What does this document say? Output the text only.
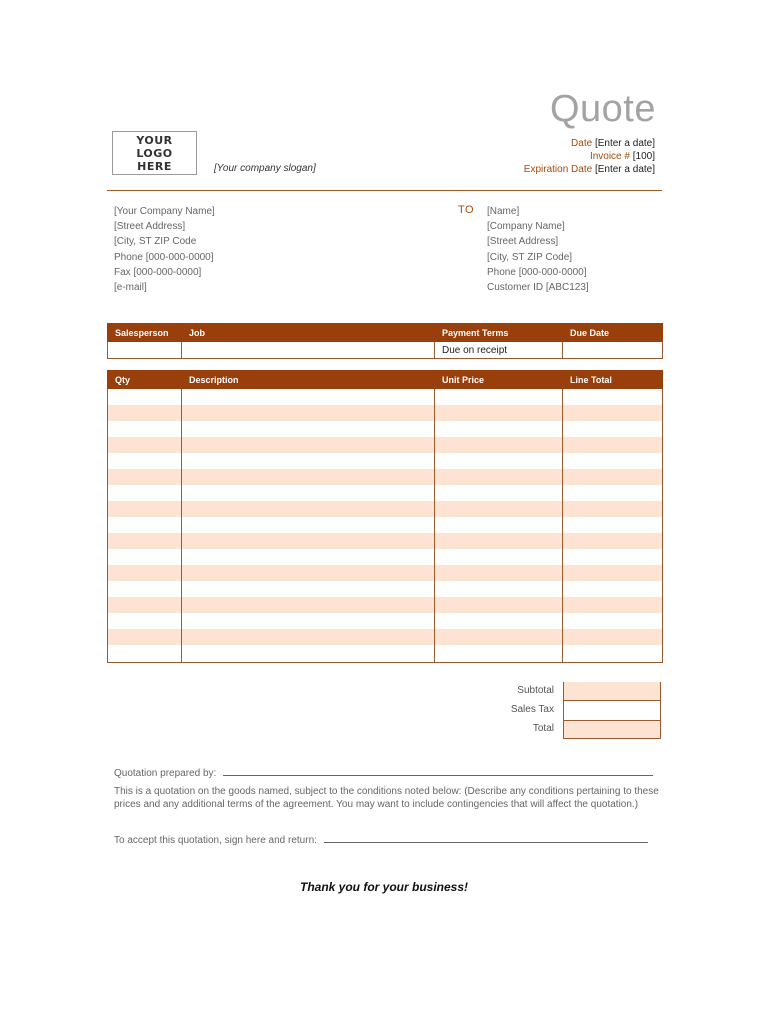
Quote
YOUR LOGO HERE	[Your company slogan]
Date [Enter a date]
Invoice # [100]
Expiration Date [Enter a date]
[Your Company Name]
[Street Address]
[City, ST ZIP Code
Phone [000-000-0000]
Fax [000-000-0000]
[e-mail]
TO [Name]
[Company Name]
[Street Address]
[City, ST ZIP Code]
Phone [000-000-0000]
Customer ID [ABC123]
Salesperson	Job	Payment Terms	Due Date
		Due on receipt	
Qty	Description	Unit Price	Line Total

Subtotal
Sales Tax
Total
Quotation prepared by:
This is a quotation on the goods named, subject to the conditions noted below: (Describe any conditions pertaining to these prices and any additional terms of the agreement. You may want to include contingencies that will affect the quotation.)
To accept this quotation, sign here and return:
Thank you for your business!
